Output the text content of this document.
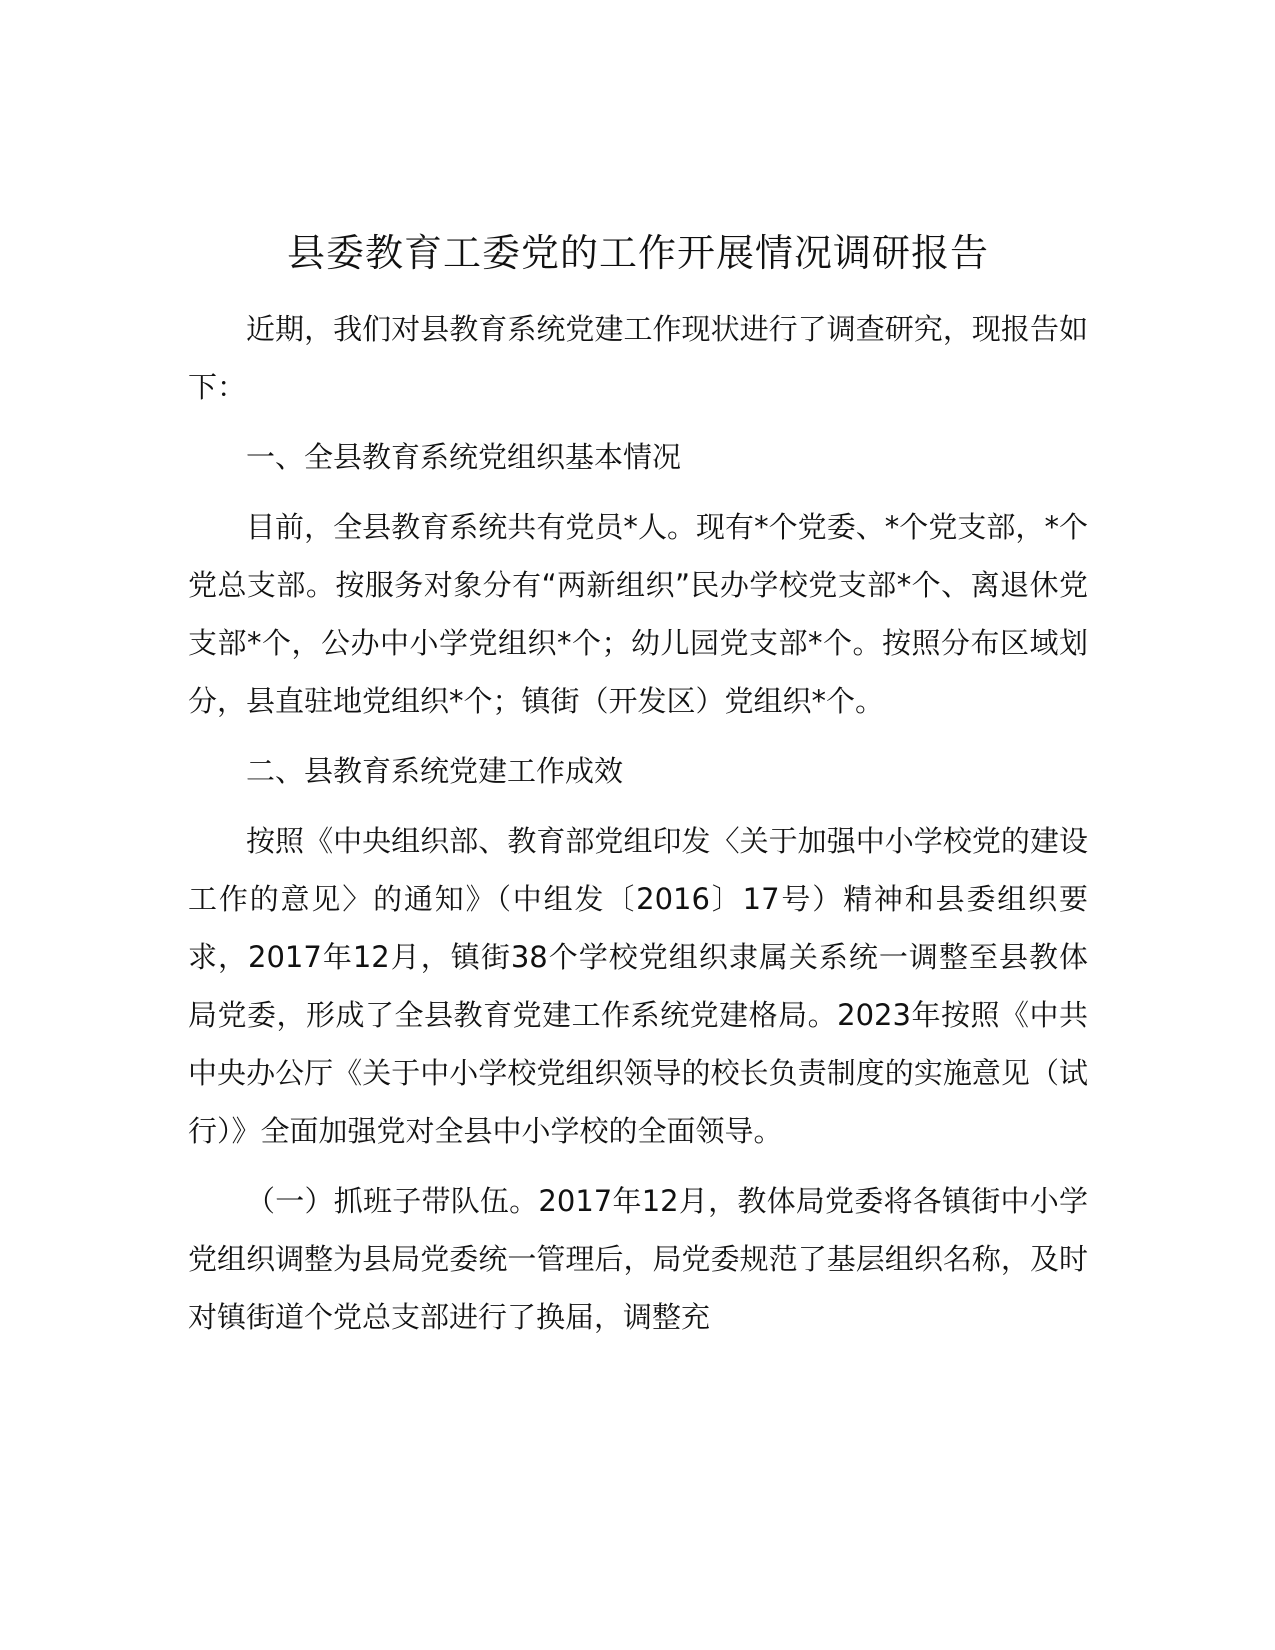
县委教育工委党的工作开展情况调研报告

近期，我们对县教育系统党建工作现状进行了调查研究，现报告如下：

一、全县教育系统党组织基本情况

目前，全县教育系统共有党员*人。现有*个党委、*个党支部，*个党总支部。按服务对象分有“两新组织”民办学校党支部*个、离退休党支部*个，公办中小学党组织*个；幼儿园党支部*个。按照分布区域划分，县直驻地党组织*个；镇街（开发区）党组织*个。

二、县教育系统党建工作成效

按照《中央组织部、教育部党组印发〈关于加强中小学校党的建设工作的意见〉的通知》（中组发〔2016〕17号）精神和县委组织要求，2017年12月，镇街38个学校党组织隶属关系统一调整至县教体局党委，形成了全县教育党建工作系统党建格局。2023年按照《中共中央办公厅《关于中小学校党组织领导的校长负责制度的实施意见（试行）》全面加强党对全县中小学校的全面领导。

（一）抓班子带队伍。2017年12月，教体局党委将各镇街中小学党组织调整为县局党委统一管理后，局党委规范了基层组织名称，及时对镇街道个党总支部进行了换届，调整充
